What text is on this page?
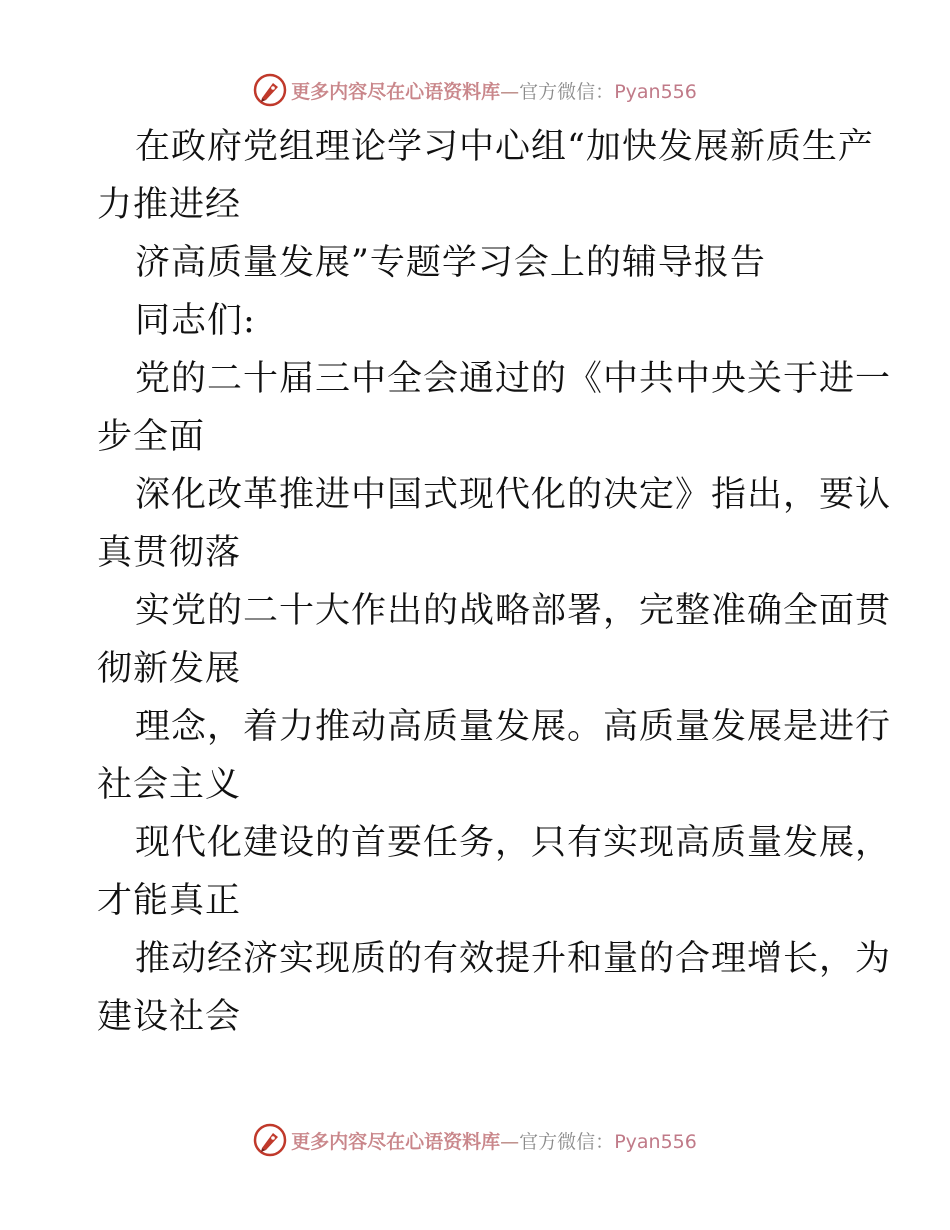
更多内容尽在心语资料库—官方微信：Pyan556
在政府党组理论学习中心组“加快发展新质生产
力推进经
济高质量发展”专题学习会上的辅导报告
同志们:
党的二十届三中全会通过的《中共中央关于进一
步全面
深化改革推进中国式现代化的决定》指出，要认
真贯彻落
实党的二十大作出的战略部署，完整准确全面贯
彻新发展
理念，着力推动高质量发展。高质量发展是进行
社会主义
现代化建设的首要任务，只有实现高质量发展，
才能真正
推动经济实现质的有效提升和量的合理增长，为
建设社会
更多内容尽在心语资料库—官方微信：Pyan556
